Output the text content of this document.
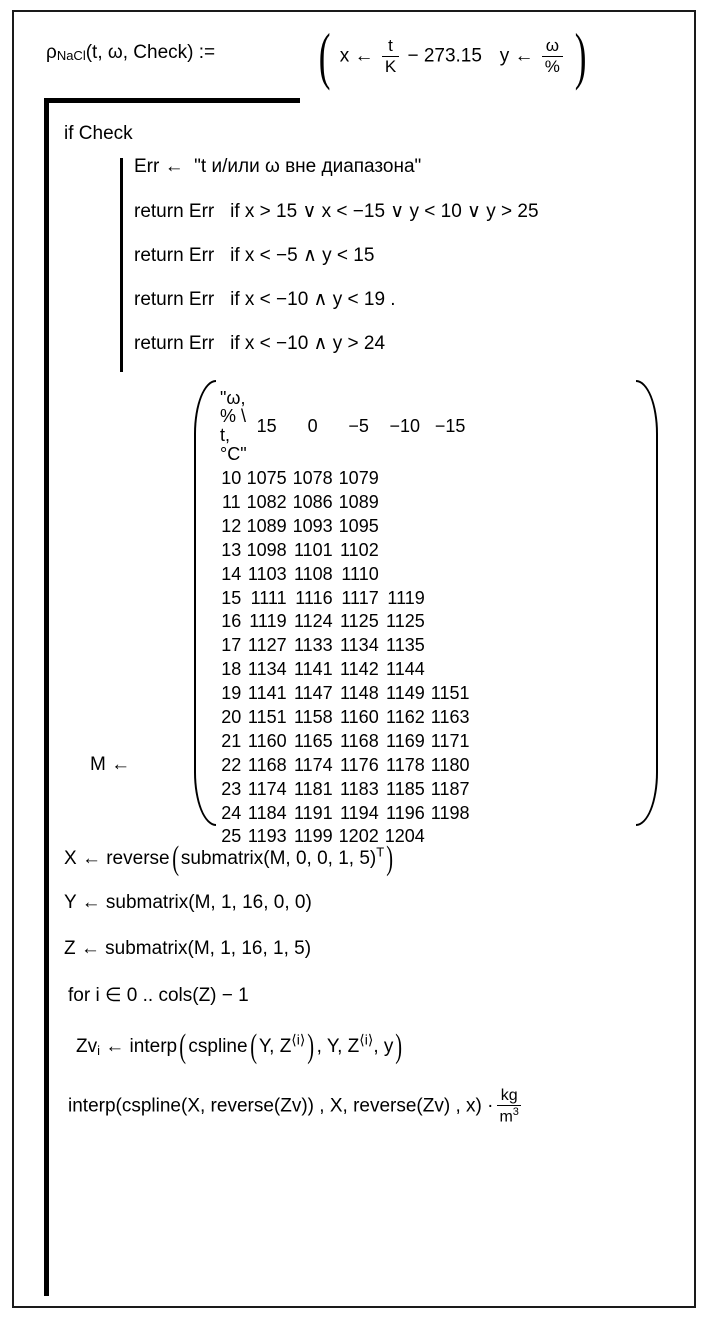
ρNaCl(t, ω, Check) := ( x ← $\frac{t}{K} - 273.15$ y ← $\frac{\omega}{\%}$ )
if Check
Err ← "t и/или ω вне диапазона"
return Err if x > 15 ∨ x < −15 ∨ y < 10 ∨ y > 25
return Err if x < −5 ∧ y < 15
return Err if x < −10 ∧ y < 19 .
return Err if x < −10 ∧ y > 24
M ←
"ω, % \ t, °C"	15	0	−5	−10	−15
10	1075	1078	1079		
11	1082	1086	1089		
12	1089	1093	1095		
13	1098	1101	1102		
14	1103	1108	1110		
15	1111	1116	1117	1119	
16	1119	1124	1125	1125	
17	1127	1133	1134	1135	
18	1134	1141	1142	1144	
19	1141	1147	1148	1149	1151
20	1151	1158	1160	1162	1163
21	1160	1165	1168	1169	1171
22	1168	1174	1176	1178	1180
23	1174	1181	1183	1185	1187
24	1184	1191	1194	1196	1198
25	1193	1199	1202	1204	
X ← reverse( submatrix(M, 0, 0, 1, 5)$^T$)
Y ← submatrix(M, 1, 16, 0, 0)
Z ← submatrix(M, 1, 16, 1, 5)
for i ∈ 0 .. cols(Z) − 1
$Zv_i$ ← interp( cspline( Y, $Z^{⟨i⟩}$) , Y, $Z^{⟨i⟩}$, y)
interp(cspline(X, reverse(Zv)) , X, reverse(Zv) , $x) \cdot \frac{kg}{m^3}$
